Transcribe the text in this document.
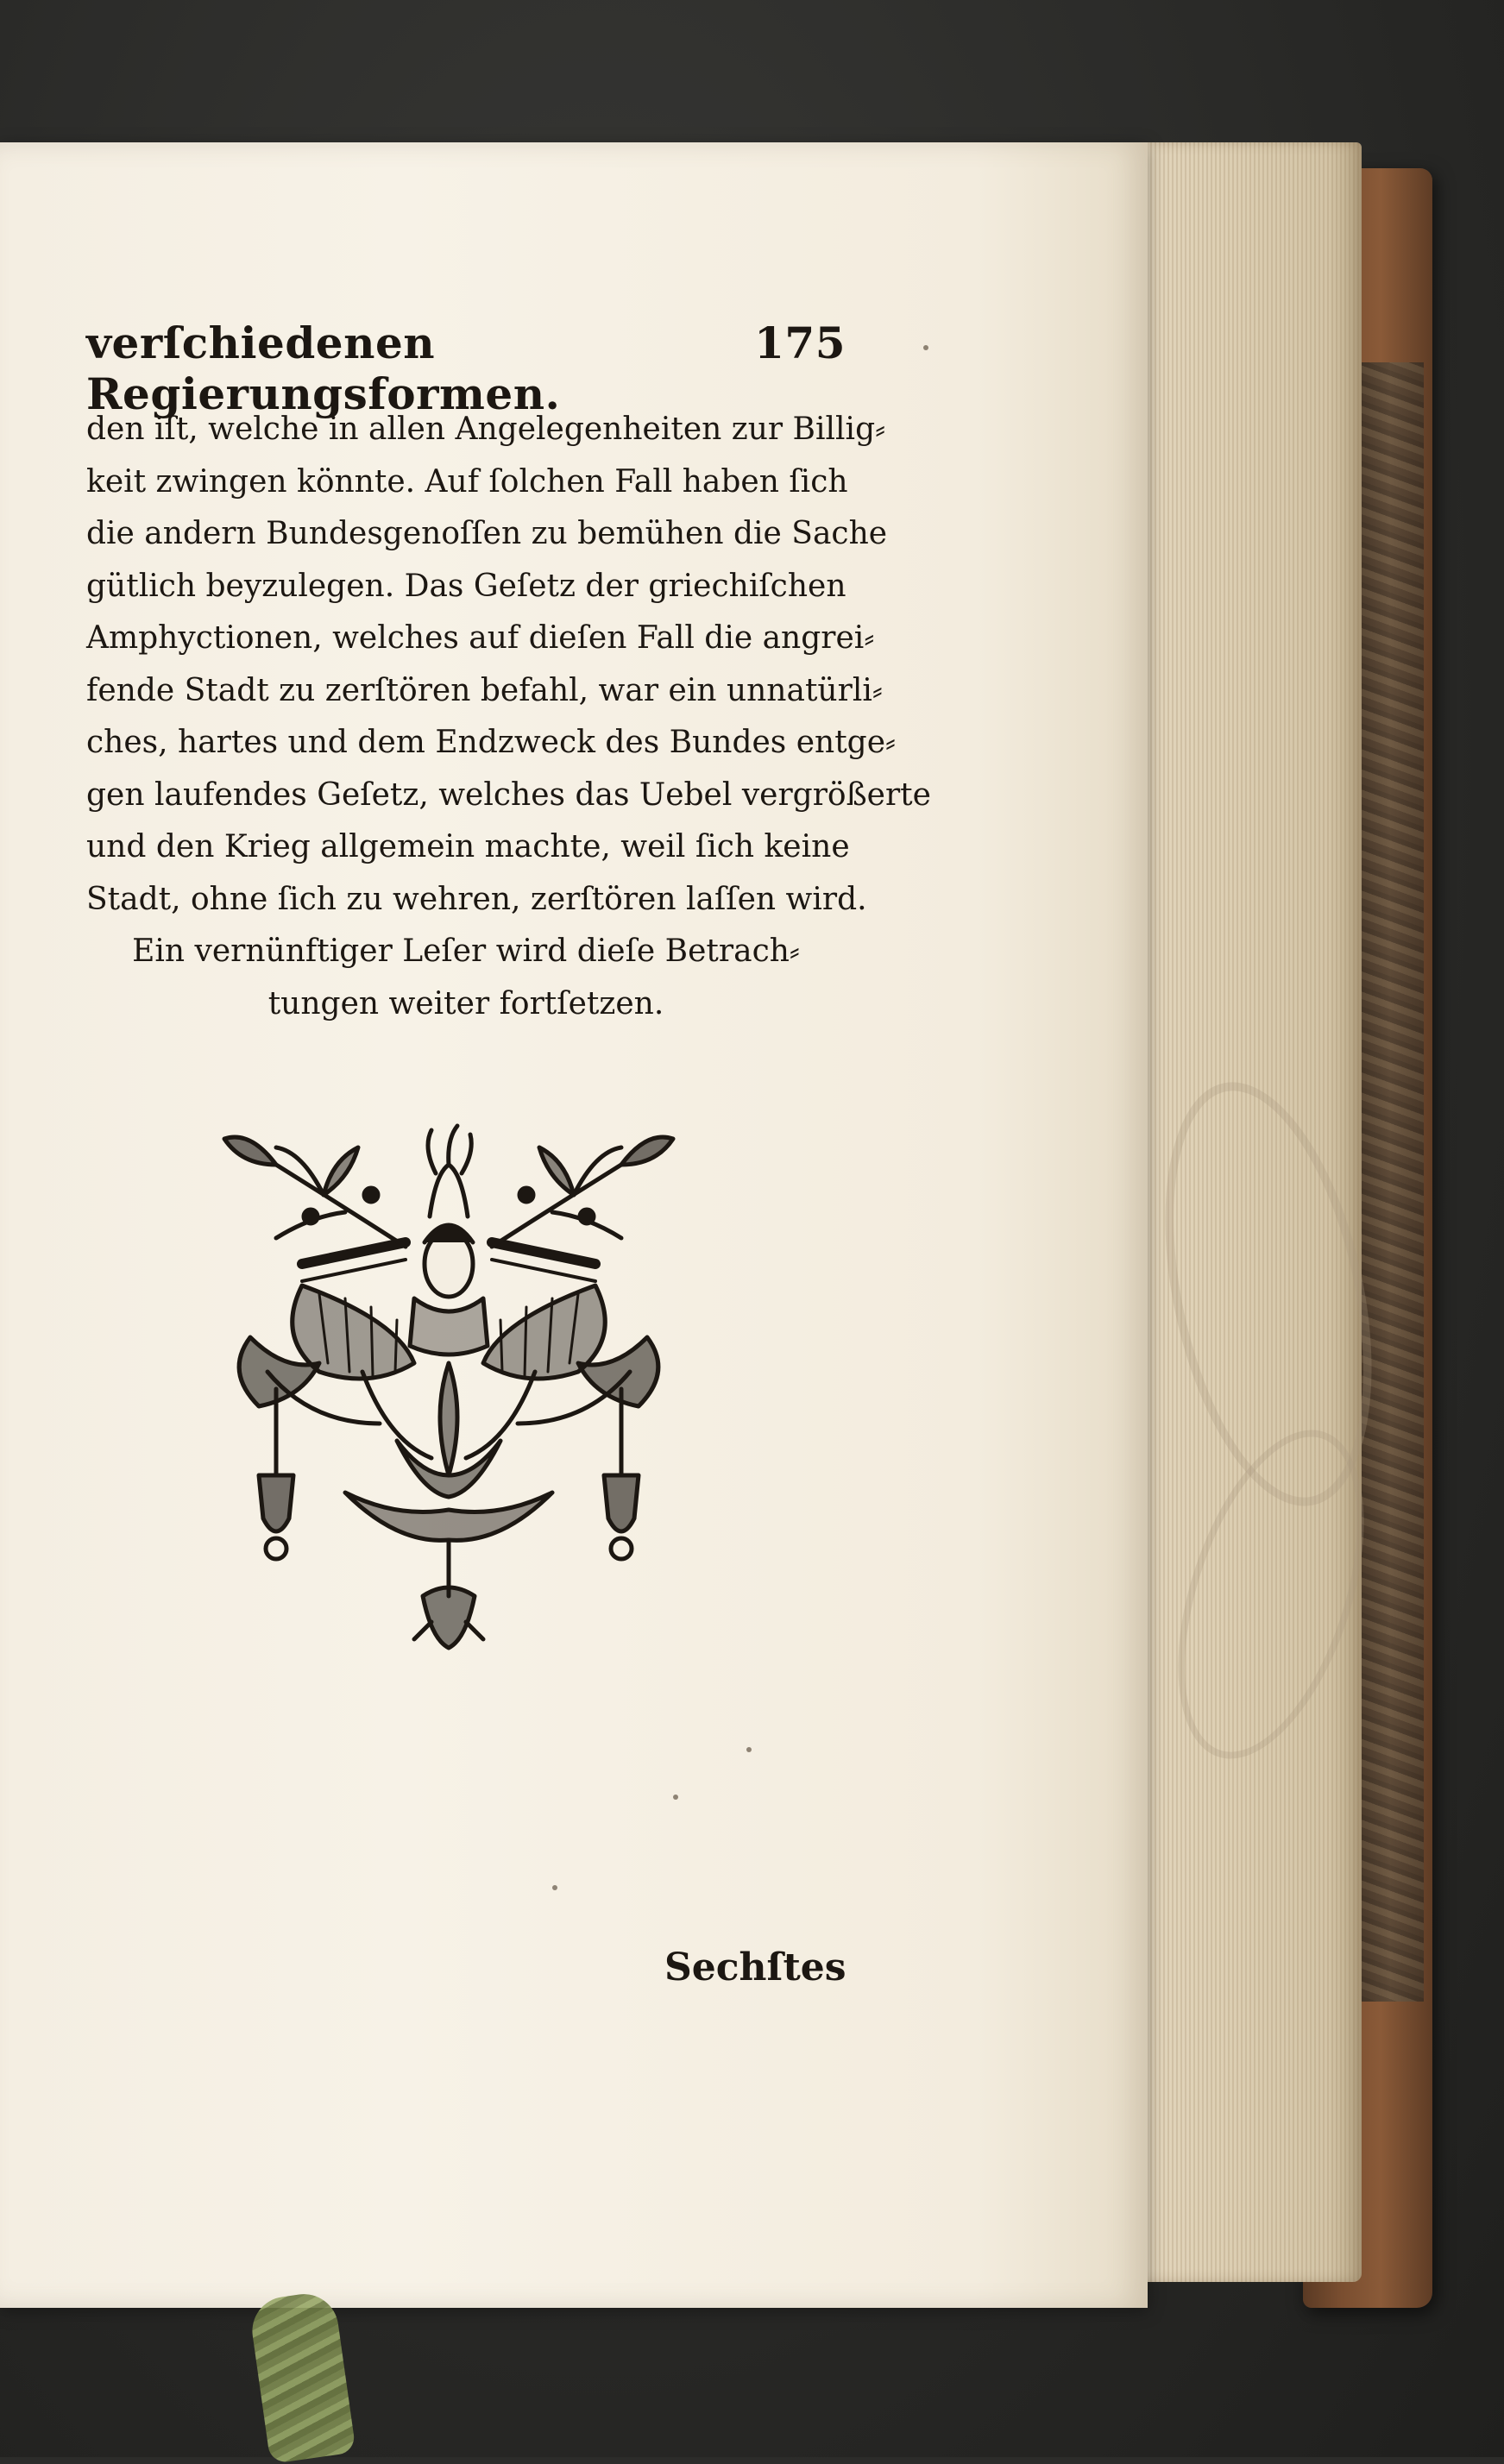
verſchiedenen Regierungsformen.
175
den iſt, welche in allen Angelegenheiten zur Billig⸗
keit zwingen könnte. Auf ſolchen Fall haben ſich
die andern Bundesgenoſſen zu bemühen die Sache
gütlich beyzulegen. Das Geſetz der griechiſchen
Amphyctionen, welches auf dieſen Fall die angrei⸗
fende Stadt zu zerſtören befahl, war ein unnatürli⸗
ches, hartes und dem Endzweck des Bundes entge⸗
gen laufendes Geſetz, welches das Uebel vergrößerte
und den Krieg allgemein machte, weil ſich keine
Stadt, ohne ſich zu wehren, zerſtören laſſen wird.
Ein vernünftiger Leſer wird dieſe Betrach⸗
tungen weiter fortſetzen.
Sechſtes
